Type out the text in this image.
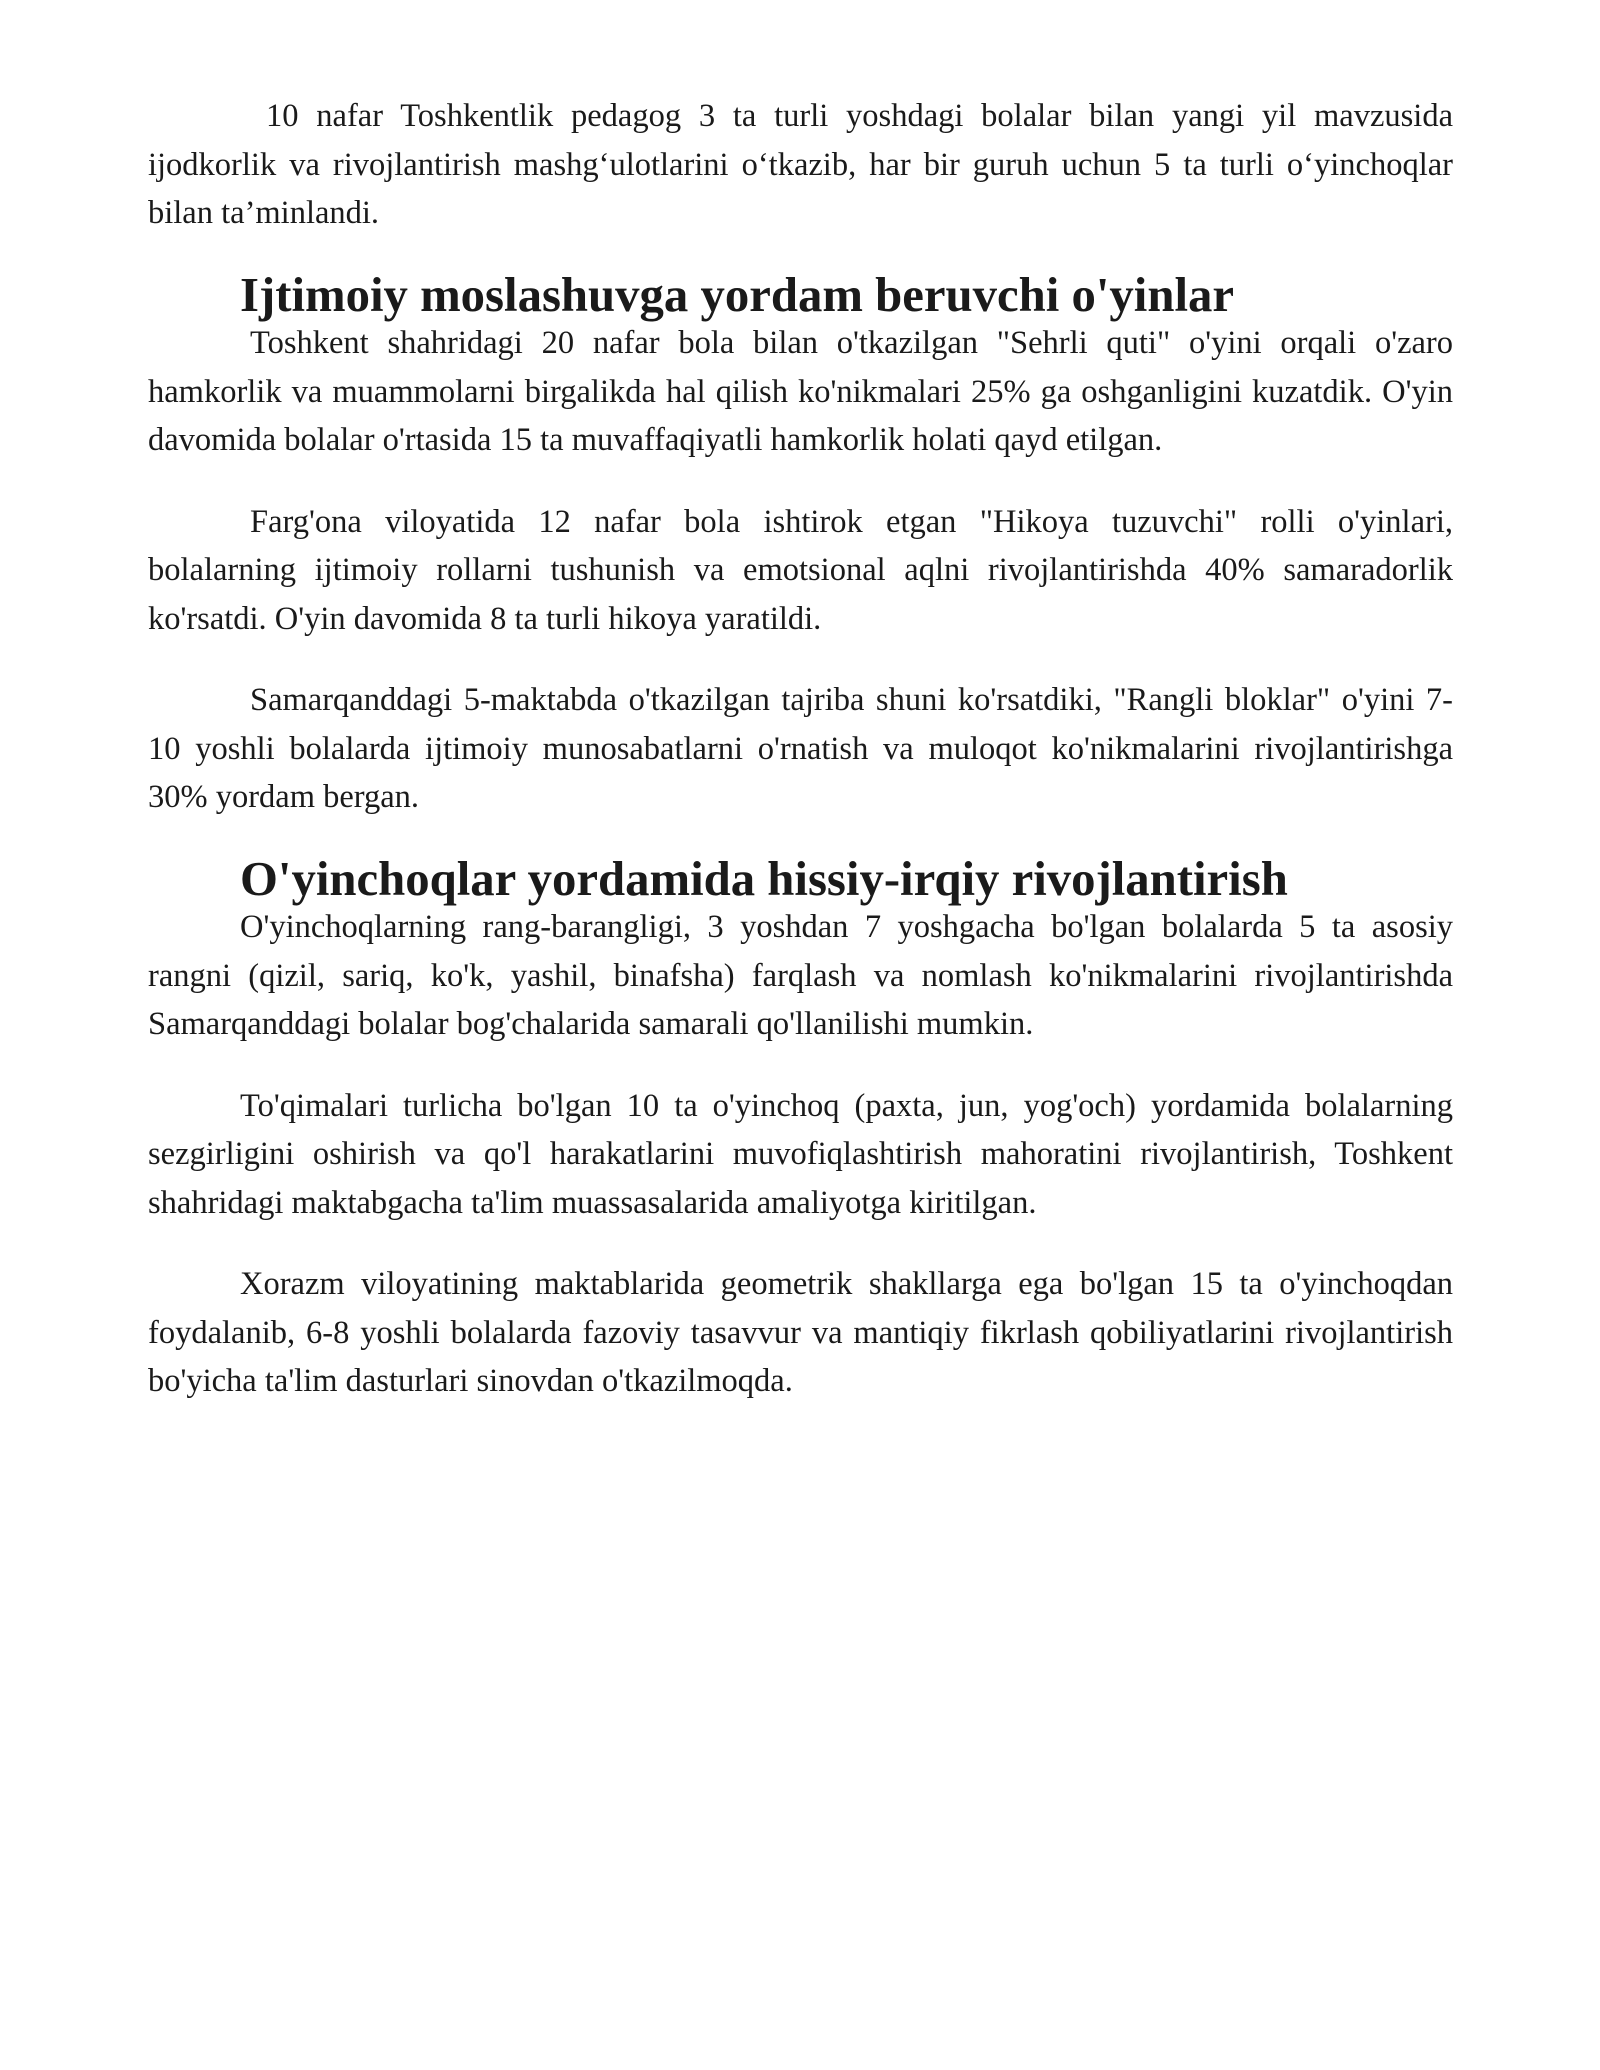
10 nafar Toshkentlik pedagog 3 ta turli yoshdagi bolalar bilan yangi yil mavzusida ijodkorlik va rivojlantirish mashg‘ulotlarini o‘tkazib, har bir guruh uchun 5 ta turli o‘yinchoqlar bilan ta’minlandi.

Ijtimoiy moslashuvga yordam beruvchi o'yinlar

Toshkent shahridagi 20 nafar bola bilan o'tkazilgan "Sehrli quti" o'yini orqali o'zaro hamkorlik va muammolarni birgalikda hal qilish ko'nikmalari 25% ga oshganligini kuzatdik. O'yin davomida bolalar o'rtasida 15 ta muvaffaqiyatli hamkorlik holati qayd etilgan.

Farg'ona viloyatida 12 nafar bola ishtirok etgan "Hikoya tuzuvchi" rolli o'yinlari, bolalarning ijtimoiy rollarni tushunish va emotsional aqlni rivojlantirishda 40% samaradorlik ko'rsatdi. O'yin davomida 8 ta turli hikoya yaratildi.

Samarqanddagi 5-maktabda o'tkazilgan tajriba shuni ko'rsatdiki, "Rangli bloklar" o'yini 7-10 yoshli bolalarda ijtimoiy munosabatlarni o'rnatish va muloqot ko'nikmalarini rivojlantirishga 30% yordam bergan.

O'yinchoqlar yordamida hissiy-irqiy rivojlantirish

O'yinchoqlarning rang-barangligi, 3 yoshdan 7 yoshgacha bo'lgan bolalarda 5 ta asosiy rangni (qizil, sariq, ko'k, yashil, binafsha) farqlash va nomlash ko'nikmalarini rivojlantirishda Samarqanddagi bolalar bog'chalarida samarali qo'llanilishi mumkin.

To'qimalari turlicha bo'lgan 10 ta o'yinchoq (paxta, jun, yog'och) yordamida bolalarning sezgirligini oshirish va qo'l harakatlarini muvofiqlashtirish mahoratini rivojlantirish, Toshkent shahridagi maktabgacha ta'lim muassasalarida amaliyotga kiritilgan.

Xorazm viloyatining maktablarida geometrik shakllarga ega bo'lgan 15 ta o'yinchoqdan foydalanib, 6-8 yoshli bolalarda fazoviy tasavvur va mantiqiy fikrlash qobiliyatlarini rivojlantirish bo'yicha ta'lim dasturlari sinovdan o'tkazilmoqda.
